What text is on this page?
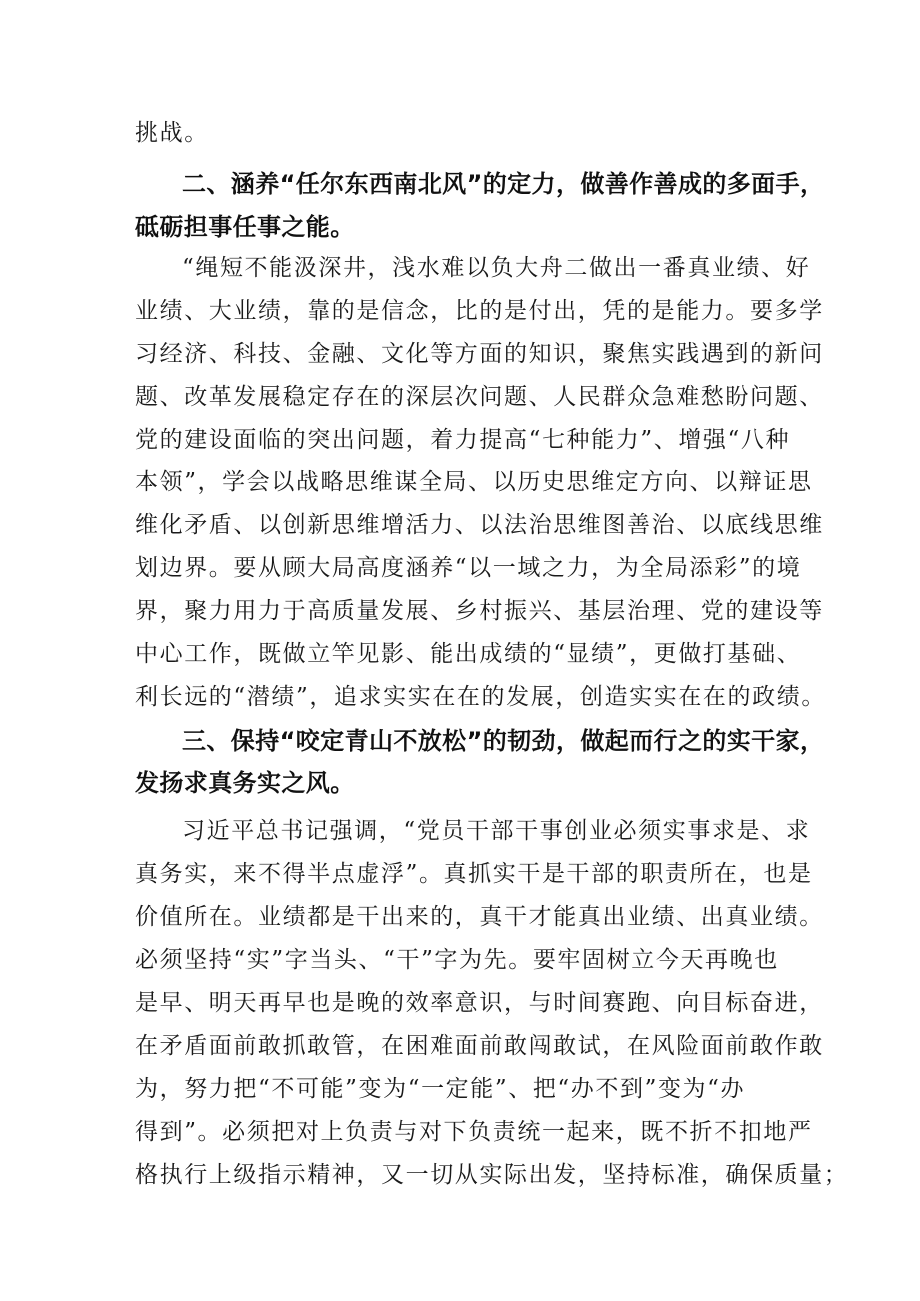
挑战。
二、涵养“任尔东西南北风”的定力，做善作善成的多面手，
砥砺担事任事之能。
“绳短不能汲深井，浅水难以负大舟二做出一番真业绩、好
业绩、大业绩，靠的是信念，比的是付出，凭的是能力。要多学
习经济、科技、金融、文化等方面的知识，聚焦实践遇到的新问
题、改革发展稳定存在的深层次问题、人民群众急难愁盼问题、
党的建设面临的突出问题，着力提高“七种能力”、增强“八种
本领”，学会以战略思维谋全局、以历史思维定方向、以辩证思
维化矛盾、以创新思维增活力、以法治思维图善治、以底线思维
划边界。要从顾大局高度涵养“以一域之力，为全局添彩”的境
界，聚力用力于高质量发展、乡村振兴、基层治理、党的建设等
中心工作，既做立竿见影、能出成绩的“显绩”，更做打基础、
利长远的“潜绩”，追求实实在在的发展，创造实实在在的政绩。
三、保持“咬定青山不放松”的韧劲，做起而行之的实干家，
发扬求真务实之风。
习近平总书记强调，“党员干部干事创业必须实事求是、求
真务实，来不得半点虚浮”。真抓实干是干部的职责所在，也是
价值所在。业绩都是干出来的，真干才能真出业绩、出真业绩。
必须坚持“实”字当头、“干”字为先。要牢固树立今天再晚也
是早、明天再早也是晚的效率意识，与时间赛跑、向目标奋进，
在矛盾面前敢抓敢管，在困难面前敢闯敢试，在风险面前敢作敢
为，努力把“不可能”变为“一定能”、把“办不到”变为“办
得到”。必须把对上负责与对下负责统一起来，既不折不扣地严
格执行上级指示精神，又一切从实际出发，坚持标准，确保质量；
